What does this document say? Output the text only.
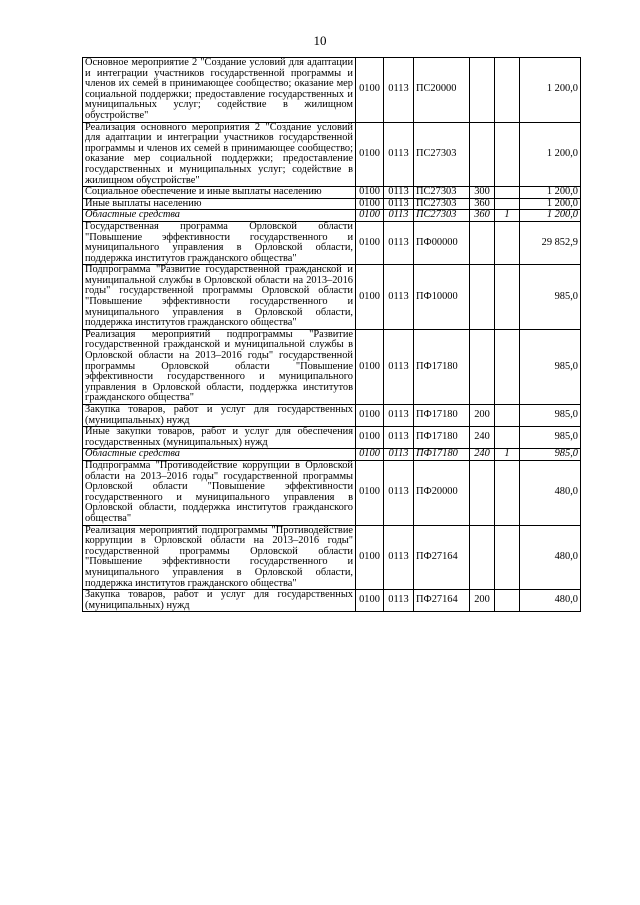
10
Основное мероприятие 2 "Создание условий для адаптации и интеграции участников государственной программы и членов их семей в принимающее сообщество; оказание мер социальной поддержки; предоставление государственных и муниципальных услуг; содействие в жилищном обустройстве"	0100	0113	ПС20000			1 200,0
Реализация основного мероприятия 2 "Создание условий для адаптации и интеграции участников государственной программы и членов их семей в принимающее сообщество; оказание мер социальной поддержки; предоставление государственных и муниципальных услуг; содействие в жилищном обустройстве"	0100	0113	ПС27303			1 200,0
Социальное обеспечение и иные выплаты населению	0100	0113	ПС27303	300		1 200,0
Иные выплаты населению	0100	0113	ПС27303	360		1 200,0
Областные средства	0100	0113	ПС27303	360	1	1 200,0
Государственная программа Орловской области "Повышение эффективности государственного и муниципального управления в Орловской области, поддержка институтов гражданского общества"	0100	0113	ПФ00000			29 852,9
Подпрограмма "Развитие государственной гражданской и муниципальной службы в Орловской области на 2013–2016 годы" государственной программы Орловской области "Повышение эффективности государственного и муниципального управления в Орловской области, поддержка институтов гражданского общества"	0100	0113	ПФ10000			985,0
Реализация мероприятий подпрограммы "Развитие государственной гражданской и муниципальной службы в Орловской области на 2013–2016 годы" государственной программы Орловской области "Повышение эффективности государственного и муниципального управления в Орловской области, поддержка институтов гражданского общества"	0100	0113	ПФ17180			985,0
Закупка товаров, работ и услуг для государственных (муниципальных) нужд	0100	0113	ПФ17180	200		985,0
Иные закупки товаров, работ и услуг для обеспечения государственных (муниципальных) нужд	0100	0113	ПФ17180	240		985,0
Областные средства	0100	0113	ПФ17180	240	1	985,0
Подпрограмма "Противодействие коррупции в Орловской области на 2013–2016 годы" государственной программы Орловской области "Повышение эффективности государственного и муниципального управления в Орловской области, поддержка институтов гражданского общества"	0100	0113	ПФ20000			480,0
Реализация мероприятий подпрограммы "Противодействие коррупции в Орловской области на 2013–2016 годы" государственной программы Орловской области "Повышение эффективности государственного и муниципального управления в Орловской области, поддержка институтов гражданского общества"	0100	0113	ПФ27164			480,0
Закупка товаров, работ и услуг для государственных (муниципальных) нужд	0100	0113	ПФ27164	200		480,0
